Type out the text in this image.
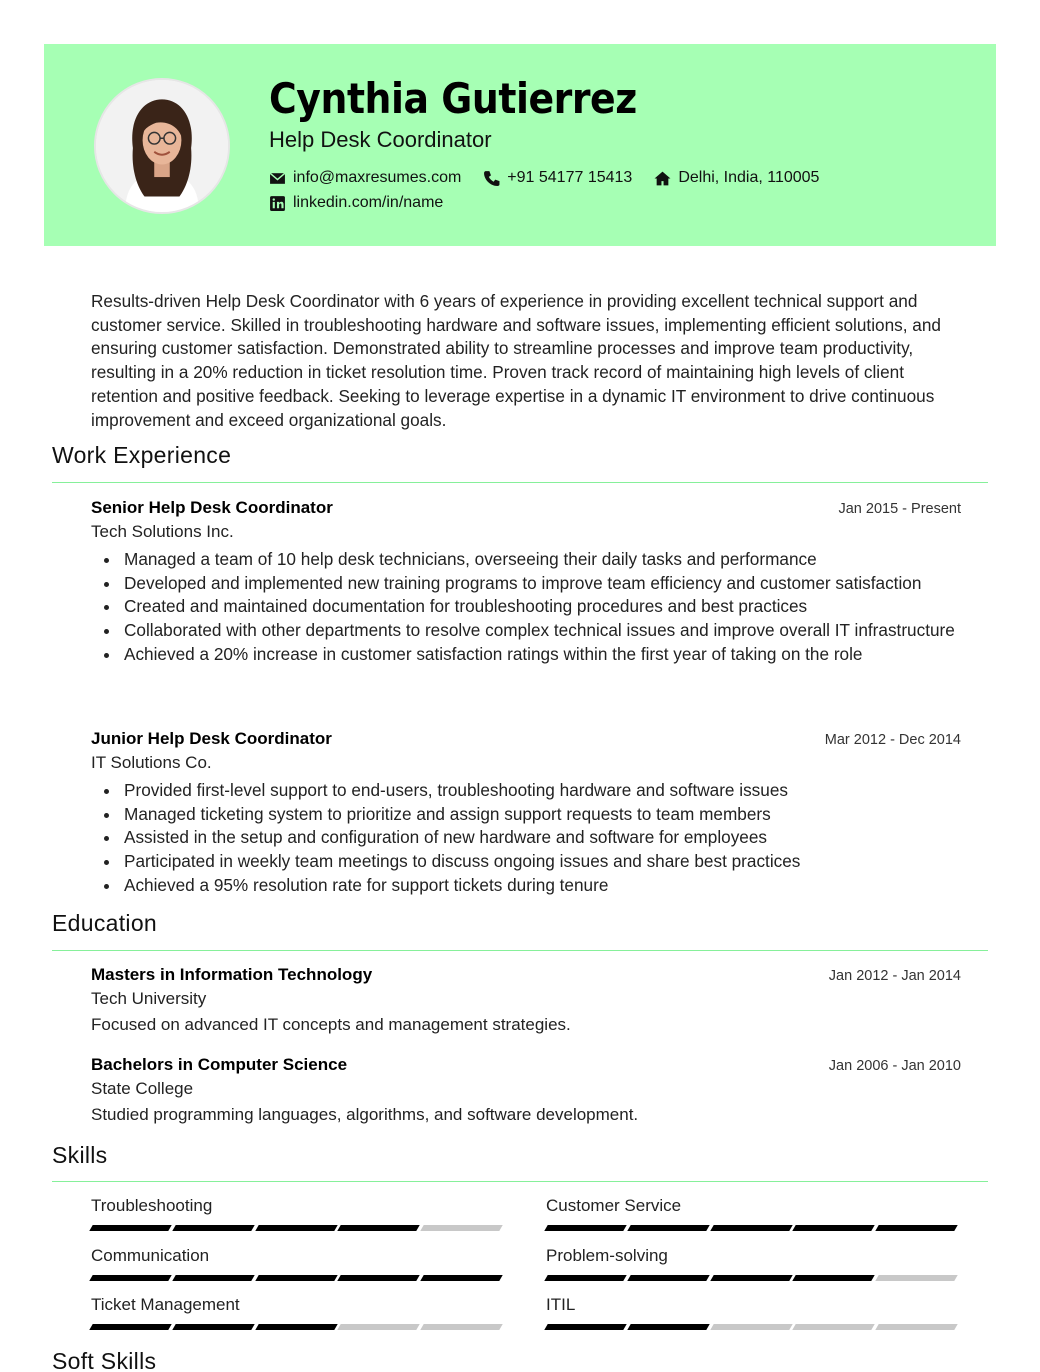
Cynthia Gutierrez
Help Desk Coordinator
info@maxresumes.com	+91 54177 15413	Delhi, India, 110005
linkedin.com/in/name
Results-driven Help Desk Coordinator with 6 years of experience in providing excellent technical support and customer service. Skilled in troubleshooting hardware and software issues, implementing efficient solutions, and ensuring customer satisfaction. Demonstrated ability to streamline processes and improve team productivity, resulting in a 20% reduction in ticket resolution time. Proven track record of maintaining high levels of client retention and positive feedback. Seeking to leverage expertise in a dynamic IT environment to drive continuous improvement and exceed organizational goals.
Work Experience
Senior Help Desk Coordinator	Jan 2015 - Present
Tech Solutions Inc.
Managed a team of 10 help desk technicians, overseeing their daily tasks and performance
Developed and implemented new training programs to improve team efficiency and customer satisfaction
Created and maintained documentation for troubleshooting procedures and best practices
Collaborated with other departments to resolve complex technical issues and improve overall IT infrastructure
Achieved a 20% increase in customer satisfaction ratings within the first year of taking on the role
Junior Help Desk Coordinator	Mar 2012 - Dec 2014
IT Solutions Co.
Provided first-level support to end-users, troubleshooting hardware and software issues
Managed ticketing system to prioritize and assign support requests to team members
Assisted in the setup and configuration of new hardware and software for employees
Participated in weekly team meetings to discuss ongoing issues and share best practices
Achieved a 95% resolution rate for support tickets during tenure
Education
Masters in Information Technology	Jan 2012 - Jan 2014
Tech University
Focused on advanced IT concepts and management strategies.
Bachelors in Computer Science	Jan 2006 - Jan 2010
State College
Studied programming languages, algorithms, and software development.
Skills
Troubleshooting	Customer Service
Communication	Problem-solving
Ticket Management	ITIL
Soft Skills
